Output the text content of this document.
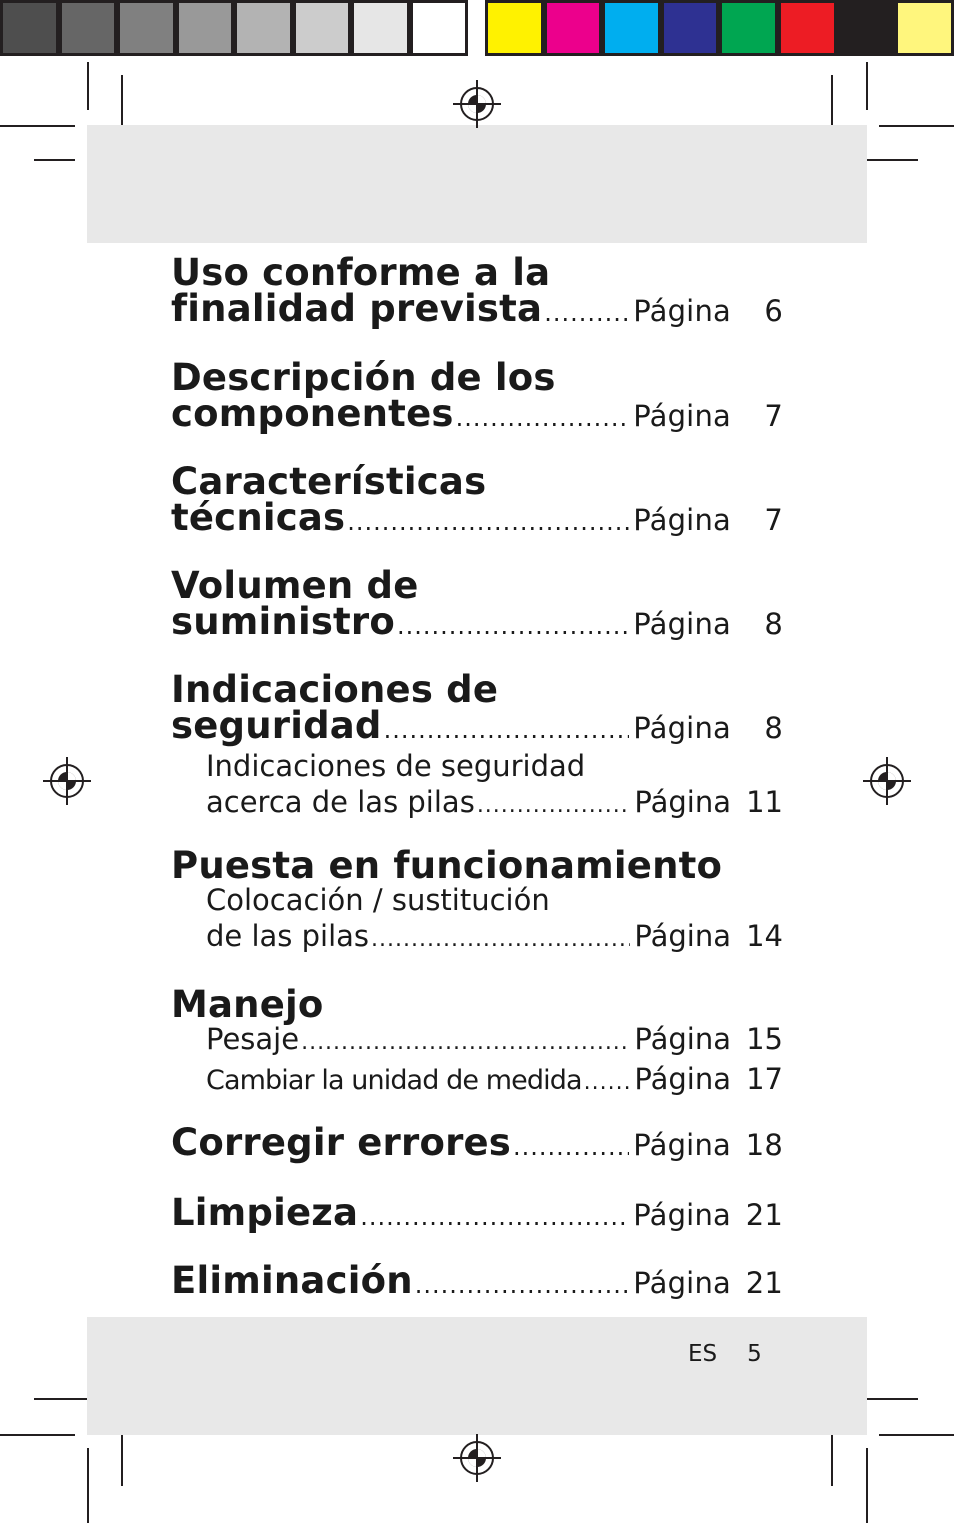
Uso conforme a la
finalidad prevista .....	Página	6
Descripción de los
componentes .....	Página	7
Características
técnicas .....	Página	7
Volumen de
suministro .....	Página	8
Indicaciones de
seguridad .....	Página	8
Indicaciones de seguridad
acerca de las pilas .....	Página 11
Puesta en funcionamiento
Colocación / sustitución
de las pilas .....	Página 14
Manejo
Pesaje .....	Página 15
Cambiar la unidad de medida ..... Página 17
Corregir errores .....	Página 18
Limpieza .....	Página 21
Eliminación .....	Página 21
ES 5
